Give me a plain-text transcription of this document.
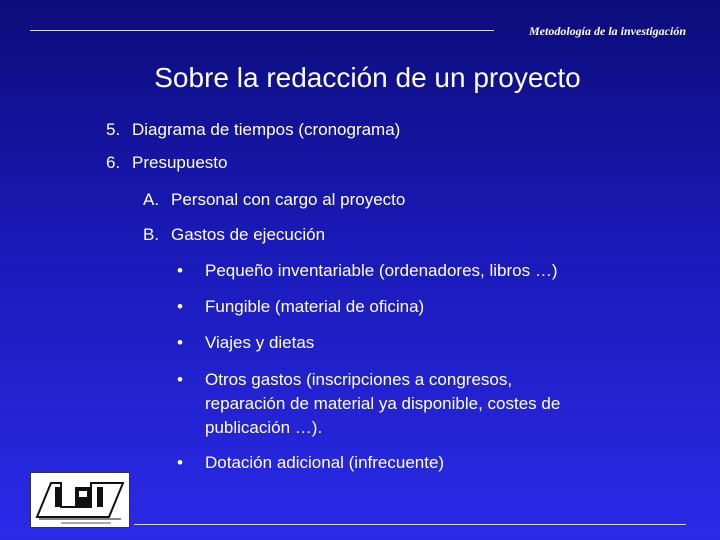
Metodología de la investigación
Sobre la redacción de un proyecto
5. Diagrama de tiempos (cronograma)
6. Presupuesto
A. Personal con cargo al proyecto
B. Gastos de ejecución
•	Pequeño inventariable (ordenadores, libros …)
•	Fungible (material de oficina)
•	Viajes y dietas
•	Otros gastos (inscripciones a congresos,
reparación de material ya disponible, costes de
publicación …).
•	Dotación adicional (infrecuente)
